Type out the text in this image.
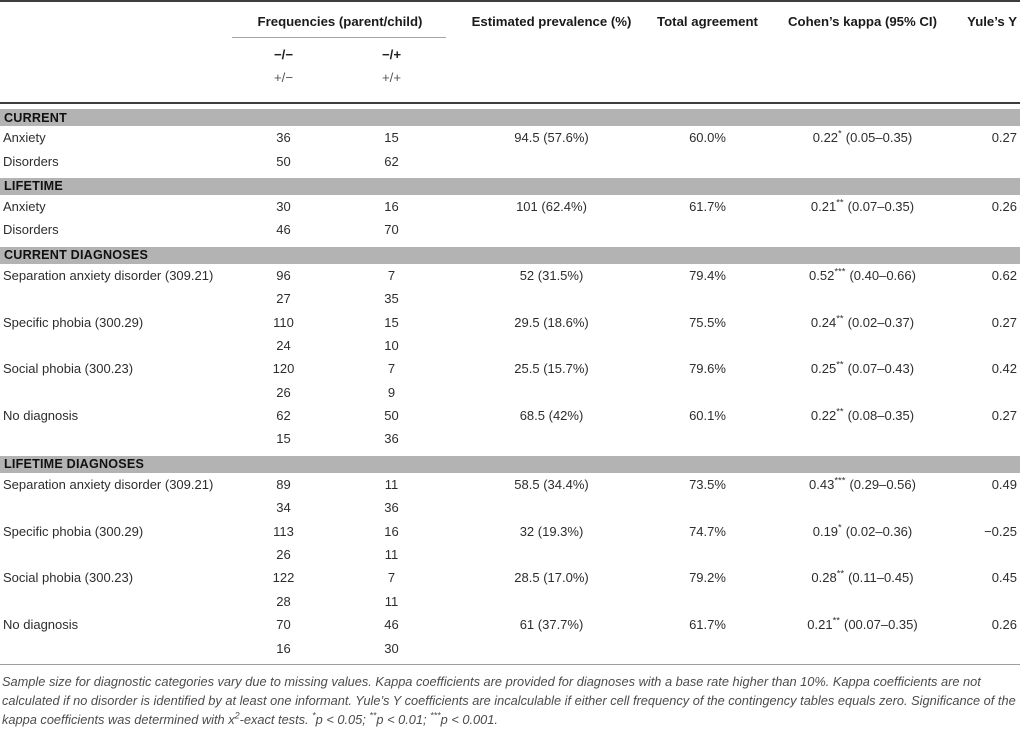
Frequencies (parent/child)	Estimated prevalence (%)	Total agreement	Cohen’s kappa (95% CI)	Yule’s Y
−/−	−/+
+/−	+/+
CURRENT
Anxiety	36	15	94.5 (57.6%)	60.0%	0.22* (0.05–0.35)	0.27
Disorders	50	62
LIFETIME
Anxiety	30	16	101 (62.4%)	61.7%	0.21** (0.07–0.35)	0.26
Disorders	46	70
CURRENT DIAGNOSES
Separation anxiety disorder (309.21)	96	7	52 (31.5%)	79.4%	0.52*** (0.40–0.66)	0.62
27	35
Specific phobia (300.29)	110	15	29.5 (18.6%)	75.5%	0.24** (0.02–0.37)	0.27
24	10
Social phobia (300.23)	120	7	25.5 (15.7%)	79.6%	0.25** (0.07–0.43)	0.42
26	9
No diagnosis	62	50	68.5 (42%)	60.1%	0.22** (0.08–0.35)	0.27
15	36
LIFETIME DIAGNOSES
Separation anxiety disorder (309.21)	89	11	58.5 (34.4%)	73.5%	0.43*** (0.29–0.56)	0.49
34	36
Specific phobia (300.29)	113	16	32 (19.3%)	74.7%	0.19* (0.02–0.36)	−0.25
26	11
Social phobia (300.23)	122	7	28.5 (17.0%)	79.2%	0.28** (0.11–0.45)	0.45
28	11
No diagnosis	70	46	61 (37.7%)	61.7%	0.21** (00.07–0.35)	0.26
16	30
Sample size for diagnostic categories vary due to missing values. Kappa coefficients are provided for diagnoses with a base rate higher than 10%. Kappa coefficients are not calculated if no disorder is identified by at least one informant. Yule’s Y coefficients are incalculable if either cell frequency of the contingency tables equals zero. Significance of the kappa coefficients was determined with $x^2$-exact tests. *p < 0.05; **p < 0.01; ***p < 0.001.
